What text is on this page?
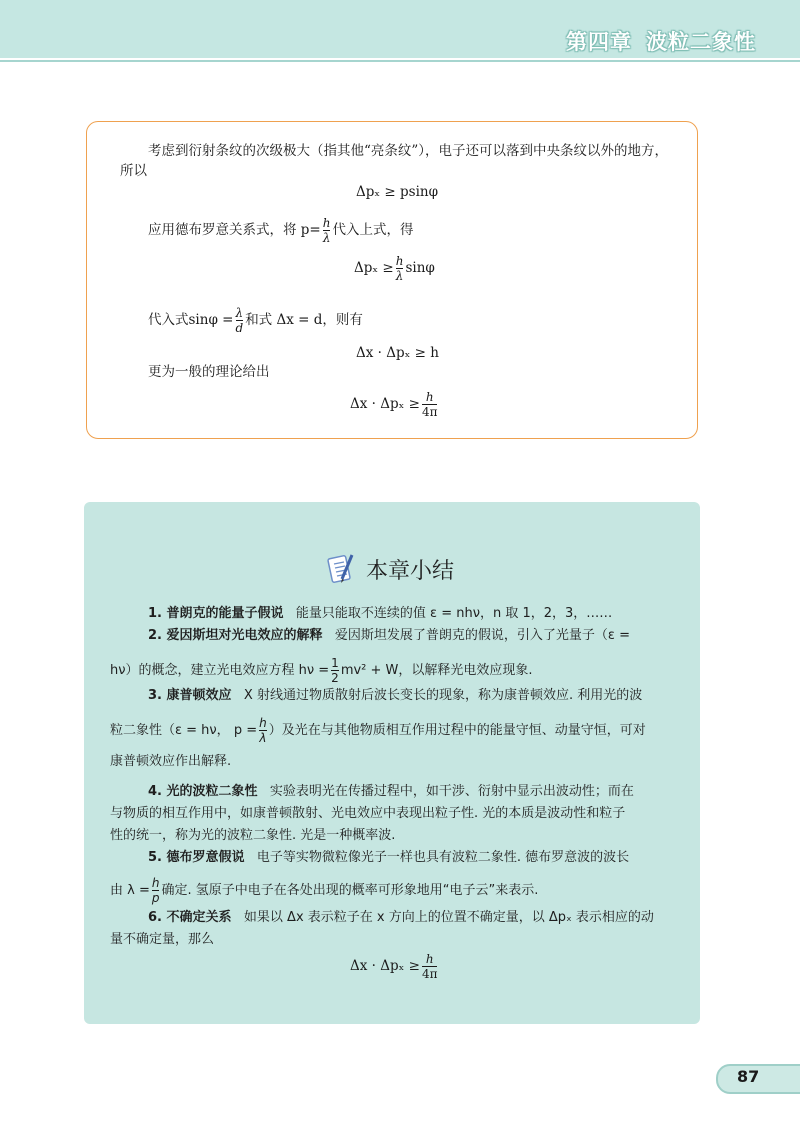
第四章 波粒二象性
考虑到衍射条纹的次级极大（指其他“亮条纹”），电子还可以落到中央条纹以外的地方，
所以
Δpₓ ≥ psinφ
应用德布罗意关系式，将 $p= \frac{h}{\lambda}$ 代入上式，得
$\Delta p_x \ge \frac{h}{\lambda}$ sinφ
代入式$\sin\varphi = \frac{\lambda}{d}$ 和式 Δx = d，则有
Δx · Δpₓ ≥ h
更为一般的理论给出
$\Delta x \cdot \Delta p_x \ge \frac{h}{4\pi}$
本章小结
1. 普朗克的能量子假说 能量只能取不连续的值 ε = nhν，n 取 1，2，3，……
2. 爱因斯坦对光电效应的解释 爱因斯坦发展了普朗克的假说，引入了光量子（ε =
hν）的概念，建立光电效应方程 $h\nu = \frac{1}{2} mv^2 + W$，以解释光电效应现象.
3. 康普顿效应 X 射线通过物质散射后波长变长的现象，称为康普顿效应. 利用光的波
粒二象性（ε = hν， $p = \frac{h}{\lambda}$ ）及光在与其他物质相互作用过程中的能量守恒、动量守恒，可对
康普顿效应作出解释.
4. 光的波粒二象性 实验表明光在传播过程中，如干涉、衍射中显示出波动性；而在
与物质的相互作用中，如康普顿散射、光电效应中表现出粒子性. 光的本质是波动性和粒子
性的统一，称为光的波粒二象性. 光是一种概率波.
5. 德布罗意假说 电子等实物微粒像光子一样也具有波粒二象性. 德布罗意波的波长
由 $\lambda = \frac{h}{p}$ 确定. 氢原子中电子在各处出现的概率可形象地用“电子云”来表示.
6. 不确定关系 如果以 Δx 表示粒子在 x 方向上的位置不确定量，以 Δpₓ 表示相应的动
量不确定量，那么
$\Delta x \cdot \Delta p_x \ge \frac{h}{4\pi}$
87
